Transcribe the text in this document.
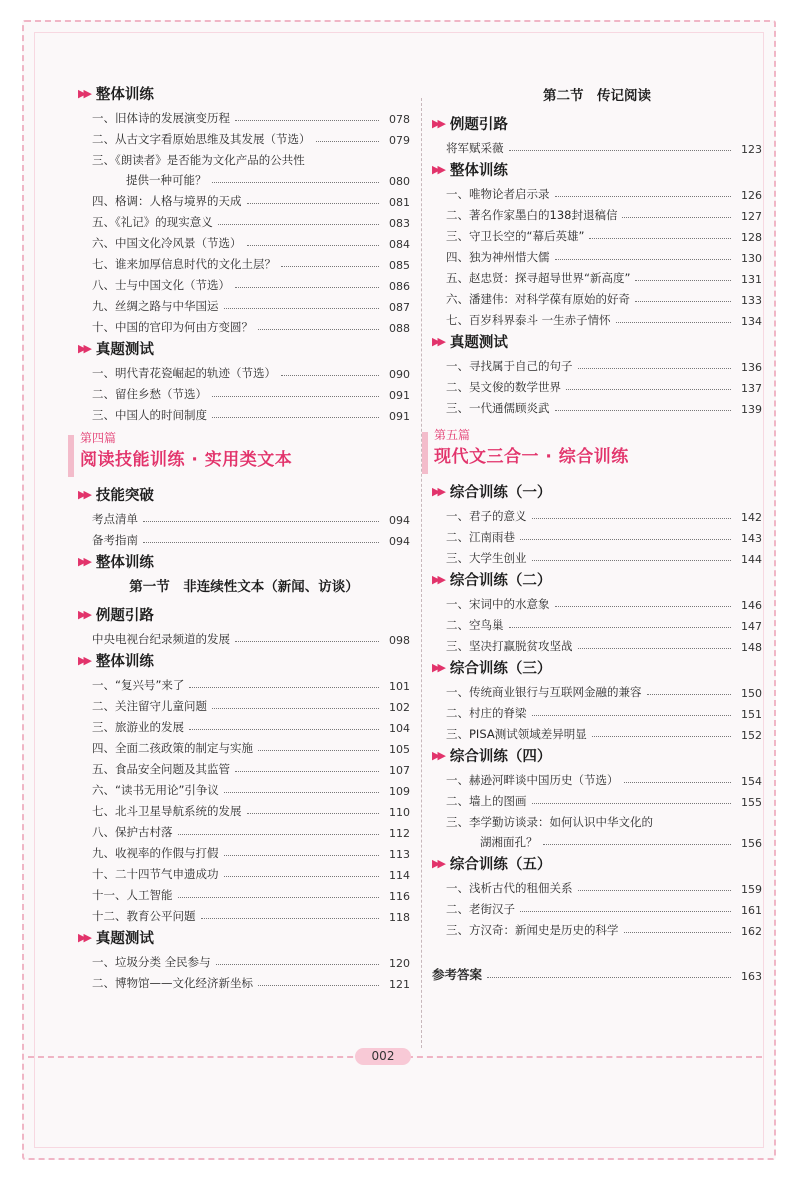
▶▶ 整体训练
一、旧体诗的发展演变历程	078
二、从古文字看原始思维及其发展（节选）	079
三、《朗读者》是否能为文化产品的公共性
提供一种可能？	080
四、格调：人格与境界的天成	081
五、《礼记》的现实意义	083
六、中国文化冷风景（节选）	084
七、谁来加厚信息时代的文化土层？	085
八、士与中国文化（节选）	086
九、丝绸之路与中华国运	087
十、中国的官印为何由方变圆？	088
▶▶ 真题测试
一、明代青花瓷崛起的轨迹（节选）	090
二、留住乡愁（节选）	091
三、中国人的时间制度	091
第四篇
阅读技能训练 · 实用类文本
▶▶ 技能突破
考点清单	094
备考指南	094
▶▶ 整体训练
第一节　非连续性文本（新闻、访谈）
▶▶ 例题引路
中央电视台纪录频道的发展	098
▶▶ 整体训练
一、“复兴号”来了	101
二、关注留守儿童问题	102
三、旅游业的发展	104
四、全面二孩政策的制定与实施	105
五、食品安全问题及其监管	107
六、“读书无用论”引争议	109
七、北斗卫星导航系统的发展	110
八、保护古村落	112
九、收视率的作假与打假	113
十、二十四节气申遗成功	114
十一、人工智能	116
十二、教育公平问题	118
▶▶ 真题测试
一、垃圾分类 全民参与	120
二、博物馆——文化经济新坐标	121
第二节　传记阅读
▶▶ 例题引路
将军赋采薇	123
▶▶ 整体训练
一、唯物论者启示录	126
二、著名作家墨白的138封退稿信	127
三、守卫长空的“幕后英雄”	128
四、独为神州惜大儒	130
五、赵忠贤：探寻超导世界“新高度”	131
六、潘建伟：对科学葆有原始的好奇	133
七、百岁科界泰斗 一生赤子情怀	134
▶▶ 真题测试
一、寻找属于自己的句子	136
二、吴文俊的数学世界	137
三、一代通儒顾炎武	139
第五篇
现代文三合一 · 综合训练
▶▶ 综合训练（一）
一、君子的意义	142
二、江南雨巷	143
三、大学生创业	144
▶▶ 综合训练（二）
一、宋词中的水意象	146
二、空鸟巢	147
三、坚决打赢脱贫攻坚战	148
▶▶ 综合训练（三）
一、传统商业银行与互联网金融的兼容	150
二、村庄的脊梁	151
三、PISA测试领域差异明显	152
▶▶ 综合训练（四）
一、赫逊河畔谈中国历史（节选）	154
二、墙上的图画	155
三、李学勤访谈录：如何认识中华文化的
湖湘面孔？	156
▶▶ 综合训练（五）
一、浅析古代的租佃关系	159
二、老街汉子	161
三、方汉奇：新闻史是历史的科学	162
参考答案	163
002
